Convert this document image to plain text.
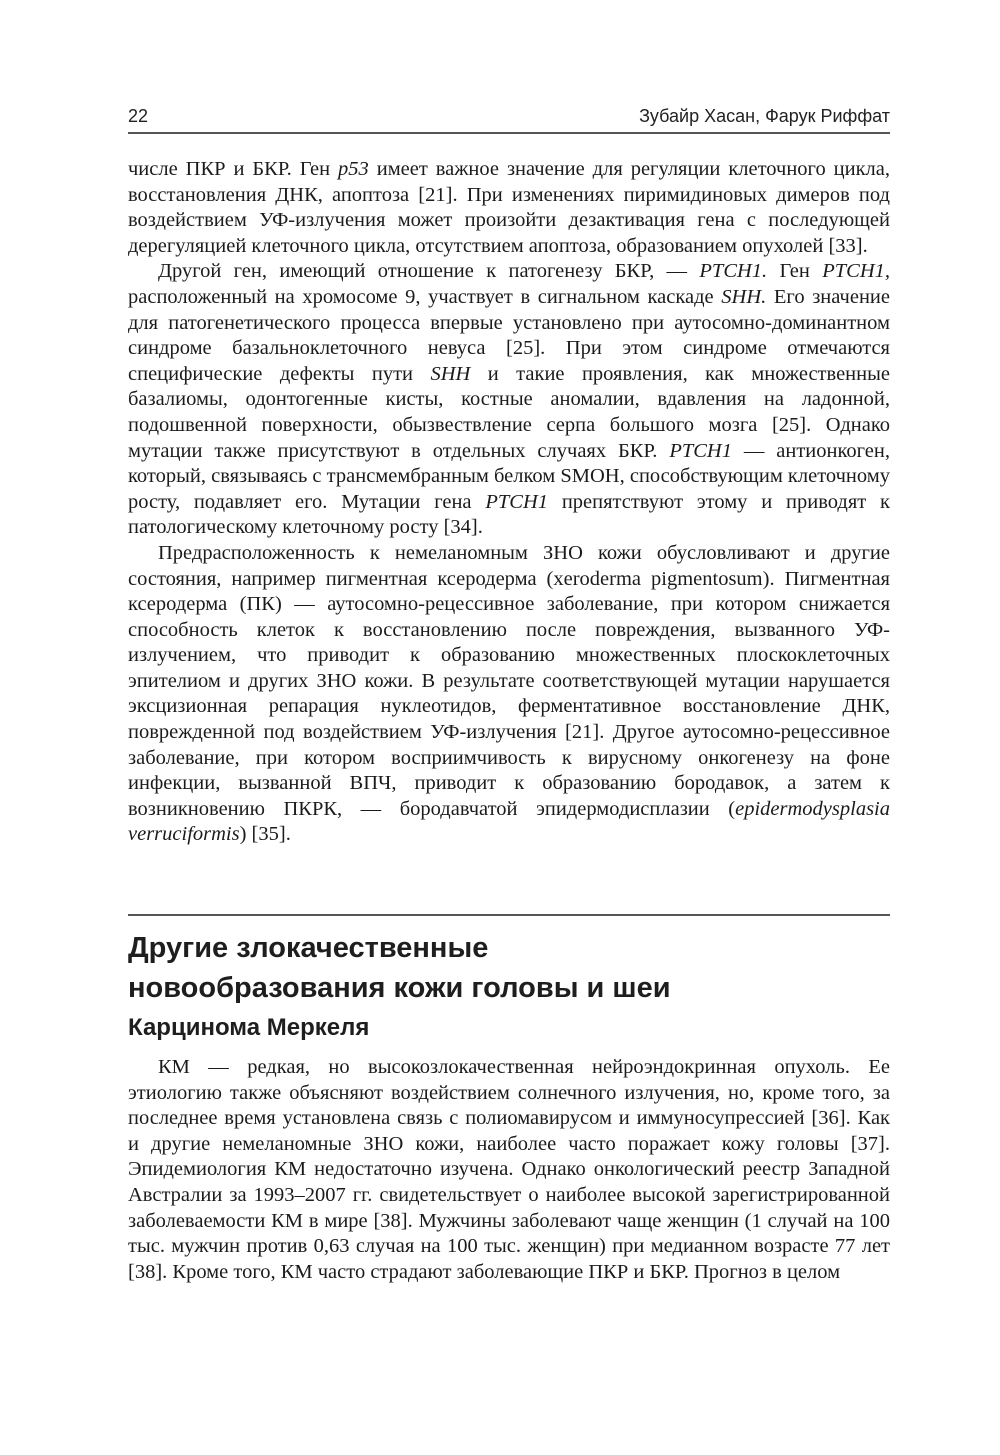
22	Зубайр Хасан, Фарук Риффат

числе ПКР и БКР. Ген p53 имеет важное значение для регуляции клеточного цикла, восстановления ДНК, апоптоза [21]. При изменениях пиримидиновых димеров под воздействием УФ-излучения может произойти дезактивация гена с последующей дерегуляцией клеточного цикла, отсутствием апоптоза, образованием опухолей [33].

Другой ген, имеющий отношение к патогенезу БКР, — PTCH1. Ген PTCH1, расположенный на хромосоме 9, участвует в сигнальном каскаде SHH. Его значение для патогенетического процесса впервые установлено при аутосомно-доминантном синдроме базальноклеточного невуса [25]. При этом синдроме отмечаются специфические дефекты пути SHH и такие проявления, как множественные базалиомы, одонтогенные кисты, костные аномалии, вдавления на ладонной, подошвенной поверхности, обызвествление серпа большого мозга [25]. Однако мутации также присутствуют в отдельных случаях БКР. PTCH1 — антионкоген, который, связываясь с трансмембранным белком SMOH, способствующим клеточному росту, подавляет его. Мутации гена PTCH1 препятствуют этому и приводят к патологическому клеточному росту [34].

Предрасположенность к немеланомным ЗНО кожи обусловливают и другие состояния, например пигментная ксеродерма (xeroderma pigmentosum). Пигментная ксеродерма (ПК) — аутосомно-рецессивное заболевание, при котором снижается способность клеток к восстановлению после повреждения, вызванного УФ-излучением, что приводит к образованию множественных плоскоклеточных эпителиом и других ЗНО кожи. В результате соответствующей мутации нарушается эксцизионная репарация нуклеотидов, ферментативное восстановление ДНК, поврежденной под воздействием УФ-излучения [21]. Другое аутосомно-рецессивное заболевание, при котором восприимчивость к вирусному онкогенезу на фоне инфекции, вызванной ВПЧ, приводит к образованию бородавок, а затем к возникновению ПКРК, — бородавчатой эпидермодисплазии (epidermodysplasia verruciformis) [35].

Другие злокачественные
новообразования кожи головы и шеи
Карцинома Меркеля

КМ — редкая, но высокозлокачественная нейроэндокринная опухоль. Ее этиологию также объясняют воздействием солнечного излучения, но, кроме того, за последнее время установлена связь с полиомавирусом и иммуносупрессией [36]. Как и другие немеланомные ЗНО кожи, наиболее часто поражает кожу головы [37]. Эпидемиология КМ недостаточно изучена. Однако онкологический реестр Западной Австралии за 1993–2007 гг. свидетельствует о наиболее высокой зарегистрированной заболеваемости КМ в мире [38]. Мужчины заболевают чаще женщин (1 случай на 100 тыс. мужчин против 0,63 случая на 100 тыс. женщин) при медианном возрасте 77 лет [38]. Кроме того, КМ часто страдают заболевающие ПКР и БКР. Прогноз в целом
